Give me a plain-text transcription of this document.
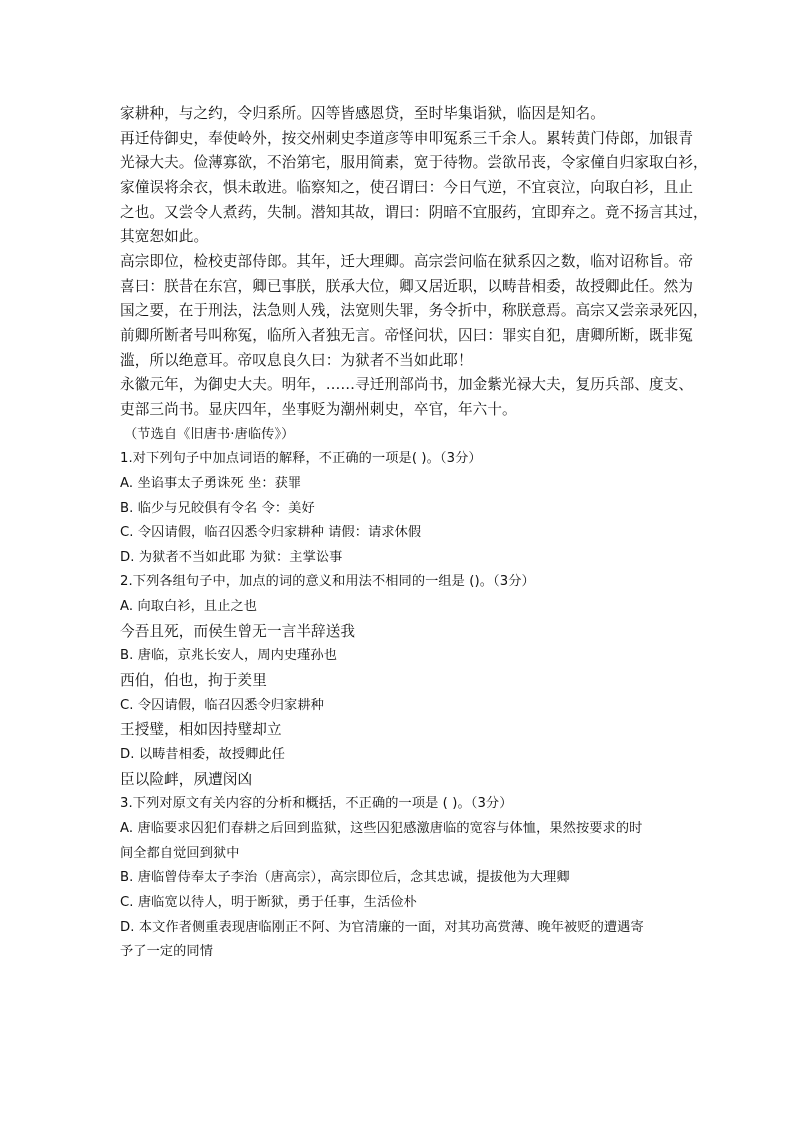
家耕种，与之约，令归系所。囚等皆感恩贷，至时毕集诣狱，临因是知名。
再迁侍御史，奉使岭外，按交州刺史李道彦等申叩冤系三千余人。累转黄门侍郎，加银青
光禄大夫。俭薄寡欲，不治第宅，服用简素，宽于待物。尝欲吊丧，令家僮自归家取白衫，
家僮误将余衣，惧未敢进。临察知之，使召谓曰：今日气逆，不宜哀泣，向取白衫，且止
之也。又尝令人煮药，失制。潜知其故，谓曰：阴暗不宜服药，宜即弃之。竟不扬言其过，
其宽恕如此。
高宗即位，检校吏部侍郎。其年，迁大理卿。高宗尝问临在狱系囚之数，临对诏称旨。帝
喜曰：朕昔在东宫，卿已事朕，朕承大位，卿又居近职，以畴昔相委，故授卿此任。然为
国之要，在于刑法，法急则人残，法宽则失罪，务令折中，称朕意焉。高宗又尝亲录死囚，
前卿所断者号叫称冤，临所入者独无言。帝怪问状，囚曰：罪实自犯，唐卿所断，既非冤
滥，所以绝意耳。帝叹息良久曰：为狱者不当如此耶！
永徽元年，为御史大夫。明年，……寻迁刑部尚书，加金紫光禄大夫，复历兵部、度支、
吏部三尚书。显庆四年，坐事贬为潮州刺史，卒官，年六十。
（节选自《旧唐书·唐临传》）
1.对下列句子中加点词语的解释，不正确的一项是( )。（3分）
A. 坐谄事太子勇诛死 坐：获罪
B. 临少与兄皎俱有令名 令：美好
C. 令囚请假，临召囚悉令归家耕种 请假：请求休假
D. 为狱者不当如此耶 为狱：主掌讼事
2.下列各组句子中，加点的词的意义和用法不相同的一组是 ()。（3分）
A. 向取白衫，且止之也
今吾且死，而侯生曾无一言半辞送我
B. 唐临，京兆长安人，周内史瑾孙也
西伯，伯也，拘于羑里
C. 令囚请假，临召囚悉令归家耕种
王授璧，相如因持璧却立
D. 以畴昔相委，故授卿此任
臣以险衅，夙遭闵凶
3.下列对原文有关内容的分析和概括，不正确的一项是 ( )。（3分）
A. 唐临要求囚犯们春耕之后回到监狱，这些囚犯感激唐临的宽容与体恤，果然按要求的时
间全都自觉回到狱中
B. 唐临曾侍奉太子李治（唐高宗），高宗即位后，念其忠诚，提拔他为大理卿
C. 唐临宽以待人，明于断狱，勇于任事，生活俭朴
D. 本文作者侧重表现唐临刚正不阿、为官清廉的一面，对其功高赏薄、晚年被贬的遭遇寄
予了一定的同情
